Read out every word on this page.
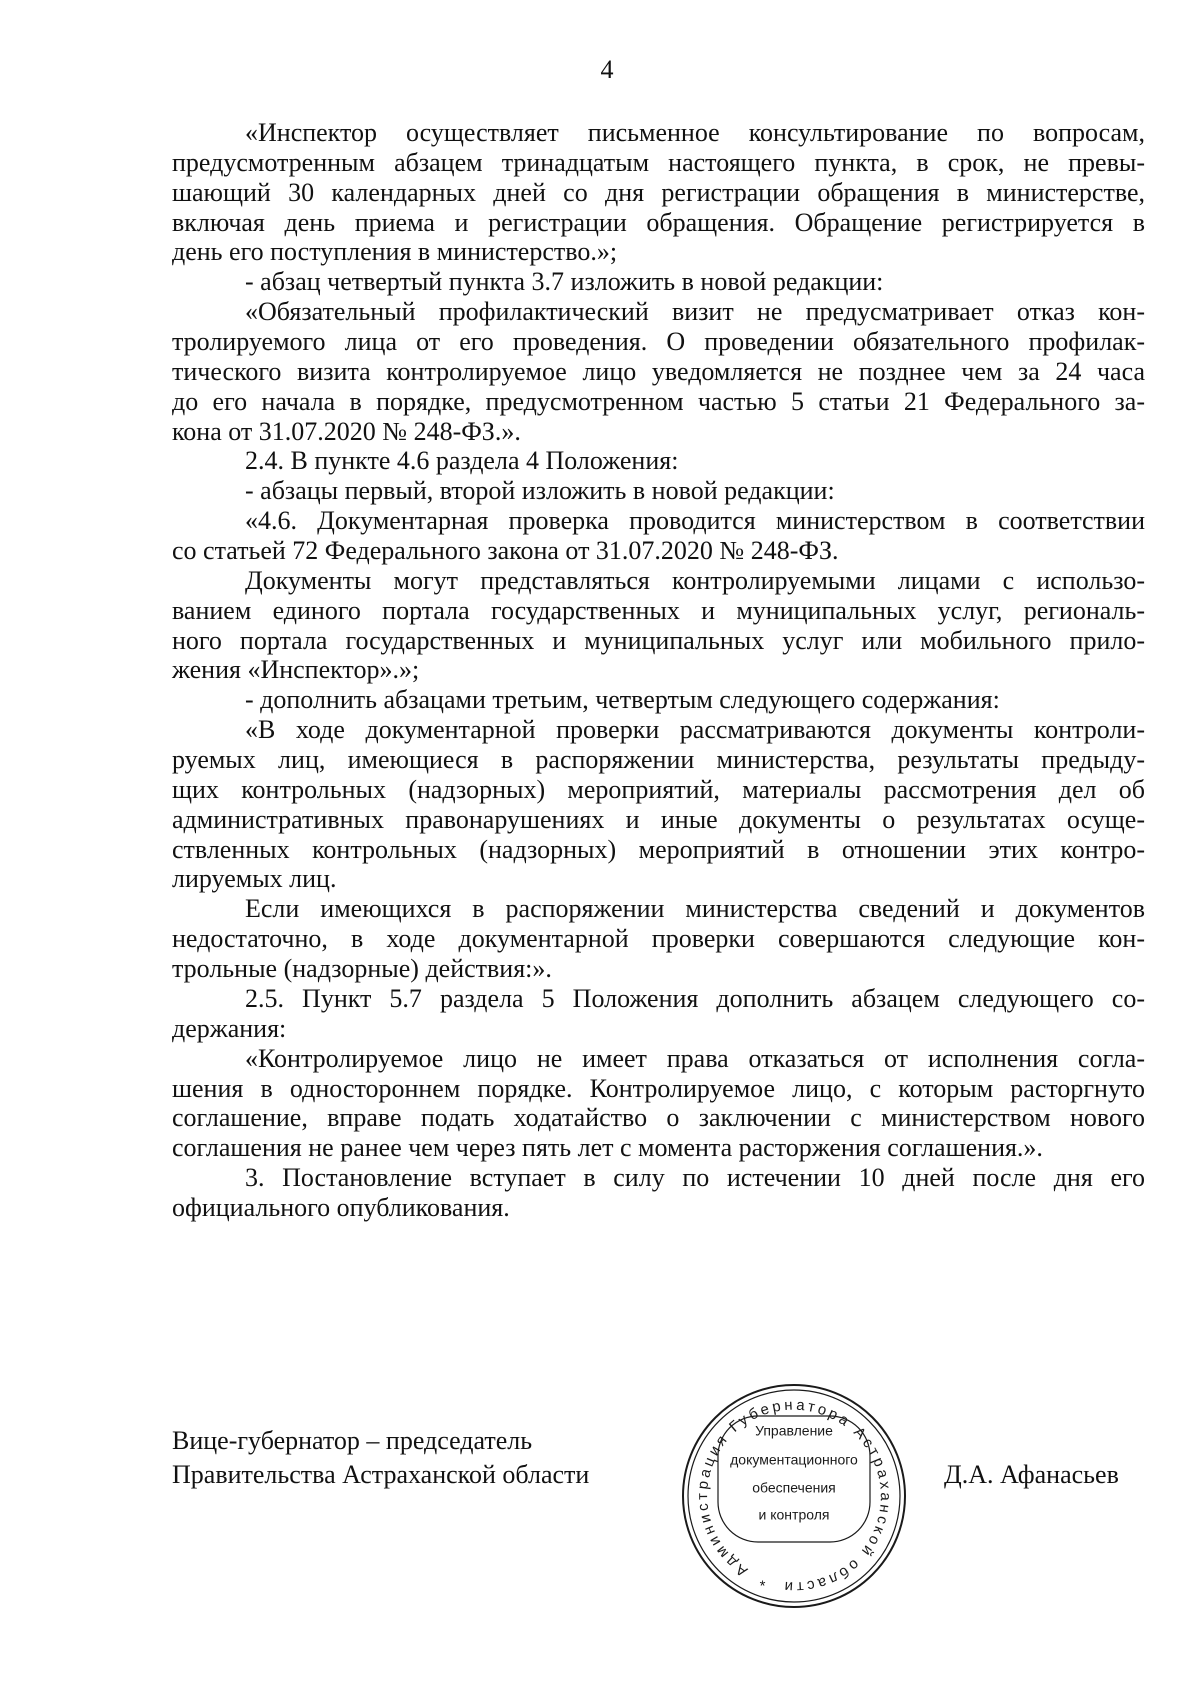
4
«Инспектор осуществляет письменное консультирование по вопросам,
предусмотренным абзацем тринадцатым настоящего пункта, в срок, не превы-
шающий 30 календарных дней со дня регистрации обращения в министерстве,
включая день приема и регистрации обращения. Обращение регистрируется в
день его поступления в министерство.»;
- абзац четвертый пункта 3.7 изложить в новой редакции:
«Обязательный профилактический визит не предусматривает отказ кон-
тролируемого лица от его проведения. О проведении обязательного профилак-
тического визита контролируемое лицо уведомляется не позднее чем за 24 часа
до его начала в порядке, предусмотренном частью 5 статьи 21 Федерального за-
кона от 31.07.2020 № 248-ФЗ.».
2.4. В пункте 4.6 раздела 4 Положения:
- абзацы первый, второй изложить в новой редакции:
«4.6. Документарная проверка проводится министерством в соответствии
со статьей 72 Федерального закона от 31.07.2020 № 248-ФЗ.
Документы могут представляться контролируемыми лицами с использо-
ванием единого портала государственных и муниципальных услуг, региональ-
ного портала государственных и муниципальных услуг или мобильного прило-
жения «Инспектор».»;
- дополнить абзацами третьим, четвертым следующего содержания:
«В ходе документарной проверки рассматриваются документы контроли-
руемых лиц, имеющиеся в распоряжении министерства, результаты предыду-
щих контрольных (надзорных) мероприятий, материалы рассмотрения дел об
административных правонарушениях и иные документы о результатах осуще-
ствленных контрольных (надзорных) мероприятий в отношении этих контро-
лируемых лиц.
Если имеющихся в распоряжении министерства сведений и документов
недостаточно, в ходе документарной проверки совершаются следующие кон-
трольные (надзорные) действия:».
2.5. Пункт 5.7 раздела 5 Положения дополнить абзацем следующего со-
держания:
«Контролируемое лицо не имеет права отказаться от исполнения согла-
шения в одностороннем порядке. Контролируемое лицо, с которым расторгнуто
соглашение, вправе подать ходатайство о заключении с министерством нового
соглашения не ранее чем через пять лет с момента расторжения соглашения.».
3. Постановление вступает в силу по истечении 10 дней после дня его
официального опубликования.
Вице-губернатор – председатель
Правительства Астраханской области	Д.А. Афанасьев
Администрация Губернатора Астраханской области
*
Управление
документационного
обеспечения
и контроля
